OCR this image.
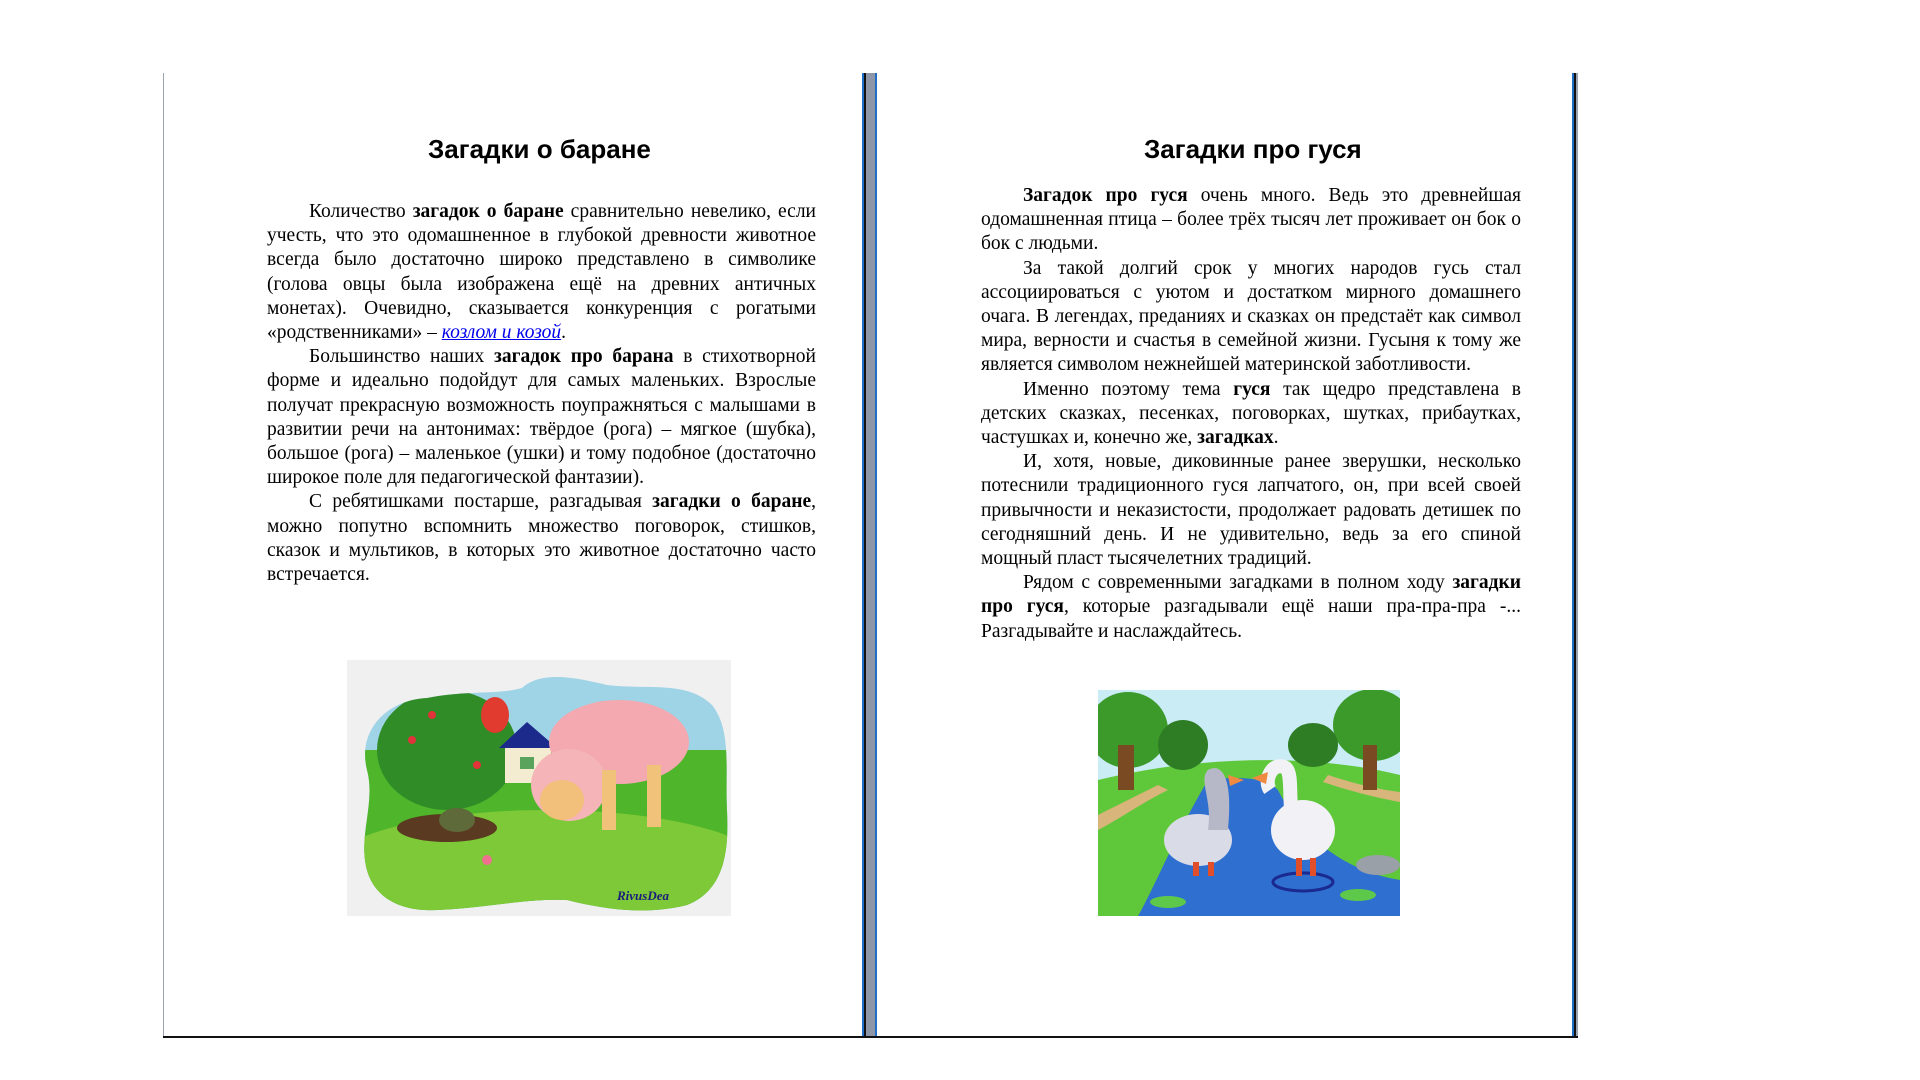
Загадки о баране

Количество загадок о баране сравнительно невелико, если учесть, что это одомашненное в глубокой древности животное всегда было достаточно широко представлено в символике (голова овцы была изображена ещё на древних античных монетах). Очевидно, сказывается конкуренция с рогатыми «родственниками» – козлом и козой.

Большинство наших загадок про барана в стихотворной форме и идеально подойдут для самых маленьких. Взрослые получат прекрасную возможность поупражняться с малышами в развитии речи на антонимах: твёрдое (рога) – мягкое (шубка), большое (рога) – маленькое (ушки) и тому подобное (достаточно широкое поле для педагогической фантазии).

С ребятишками постарше, разгадывая загадки о баране, можно попутно вспомнить множество поговорок, стишков, сказок и мультиков, в которых это животное достаточно часто встречается.

RivusDea
Загадки про гуся

Загадок про гуся очень много. Ведь это древнейшая одомашненная птица – более трёх тысяч лет проживает он бок о бок с людьми.

За такой долгий срок у многих народов гусь стал ассоциироваться с уютом и достатком мирного домашнего очага. В легендах, преданиях и сказках он предстаёт как символ мира, верности и счастья в семейной жизни. Гусыня к тому же является символом нежнейшей материнской заботливости.

Именно поэтому тема гуся так щедро представлена в детских сказках, песенках, поговорках, шутках, прибаутках, частушках и, конечно же, загадках.

И, хотя, новые, диковинные ранее зверушки, несколько потеснили традиционного гуся лапчатого, он, при всей своей привычности и неказистости, продолжает радовать детишек по сегодняшний день. И не удивительно, ведь за его спиной мощный пласт тысячелетних традиций.

Рядом с современными загадками в полном ходу загадки про гуся, которые разгадывали ещё наши пра-пра-пра -... Разгадывайте и наслаждайтесь.
